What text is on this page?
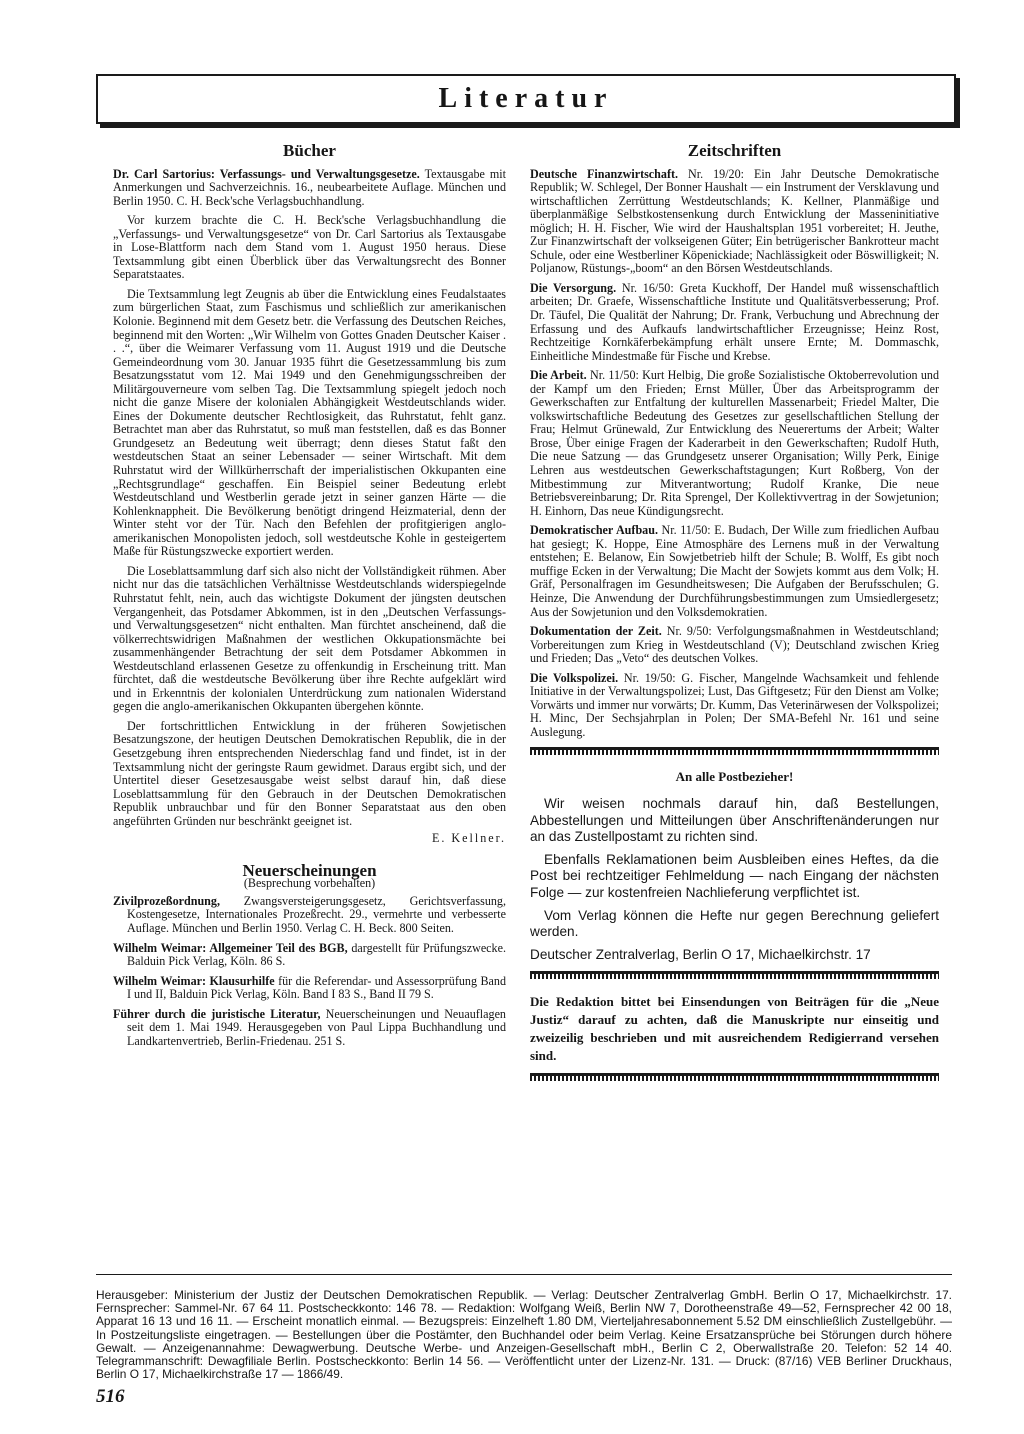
Literatur
Bücher

Dr. Carl Sartorius: Verfassungs- und Verwaltungsgesetze. Textausgabe mit Anmerkungen und Sachverzeichnis. 16., neubearbeitete Auflage. München und Berlin 1950. C. H. Beck'sche Verlagsbuchhandlung.

Vor kurzem brachte die C. H. Beck'sche Verlagsbuchhandlung die „Verfassungs- und Verwaltungsgesetze“ von Dr. Carl Sartorius als Textausgabe in Lose-Blattform nach dem Stand vom 1. August 1950 heraus. Diese Textsammlung gibt einen Überblick über das Verwaltungsrecht des Bonner Separatstaates.

Die Textsammlung legt Zeugnis ab über die Entwicklung eines Feudalstaates zum bürgerlichen Staat, zum Faschismus und schließlich zur amerikanischen Kolonie. Beginnend mit dem Gesetz betr. die Verfassung des Deutschen Reiches, beginnend mit den Worten: „Wir Wilhelm von Gottes Gnaden Deutscher Kaiser . . .“, über die Weimarer Verfassung vom 11. August 1919 und die Deutsche Gemeindeordnung vom 30. Januar 1935 führt die Gesetzessammlung bis zum Besatzungsstatut vom 12. Mai 1949 und den Genehmigungsschreiben der Militärgouverneure vom selben Tag. Die Textsammlung spiegelt jedoch noch nicht die ganze Misere der kolonialen Abhängigkeit Westdeutschlands wider. Eines der Dokumente deutscher Rechtlosigkeit, das Ruhrstatut, fehlt ganz. Betrachtet man aber das Ruhrstatut, so muß man feststellen, daß es das Bonner Grundgesetz an Bedeutung weit überragt; denn dieses Statut faßt den westdeutschen Staat an seiner Lebensader — seiner Wirtschaft. Mit dem Ruhrstatut wird der Willkürherrschaft der imperialistischen Okkupanten eine „Rechtsgrundlage“ geschaffen. Ein Beispiel seiner Bedeutung erlebt Westdeutschland und Westberlin gerade jetzt in seiner ganzen Härte — die Kohlenknappheit. Die Bevölkerung benötigt dringend Heizmaterial, denn der Winter steht vor der Tür. Nach den Befehlen der profitgierigen anglo-amerikanischen Monopolisten jedoch, soll westdeutsche Kohle in gesteigertem Maße für Rüstungszwecke exportiert werden.

Die Loseblattsammlung darf sich also nicht der Vollständigkeit rühmen. Aber nicht nur das die tatsächlichen Verhältnisse Westdeutschlands widerspiegelnde Ruhrstatut fehlt, nein, auch das wichtigste Dokument der jüngsten deutschen Vergangenheit, das Potsdamer Abkommen, ist in den „Deutschen Verfassungs- und Verwaltungsgesetzen“ nicht enthalten. Man fürchtet anscheinend, daß die völkerrechtswidrigen Maßnahmen der westlichen Okkupationsmächte bei zusammenhängender Betrachtung der seit dem Potsdamer Abkommen in Westdeutschland erlassenen Gesetze zu offenkundig in Erscheinung tritt. Man fürchtet, daß die westdeutsche Bevölkerung über ihre Rechte aufgeklärt wird und in Erkenntnis der kolonialen Unterdrückung zum nationalen Widerstand gegen die anglo-amerikanischen Okkupanten übergehen könnte.

Der fortschrittlichen Entwicklung in der früheren Sowjetischen Besatzungszone, der heutigen Deutschen Demokratischen Republik, die in der Gesetzgebung ihren entsprechenden Niederschlag fand und findet, ist in der Textsammlung nicht der geringste Raum gewidmet. Daraus ergibt sich, und der Untertitel dieser Gesetzesausgabe weist selbst darauf hin, daß diese Loseblattsammlung für den Gebrauch in der Deutschen Demokratischen Republik unbrauchbar und für den Bonner Separatstaat aus den oben angeführten Gründen nur beschränkt geeignet ist.

E. Kellner.
Neuerscheinungen
(Besprechung vorbehalten)

Zivilprozeßordnung, Zwangsversteigerungsgesetz, Gerichtsverfassung, Kostengesetze, Internationales Prozeßrecht. 29., vermehrte und verbesserte Auflage. München und Berlin 1950. Verlag C. H. Beck. 800 Seiten.

Wilhelm Weimar: Allgemeiner Teil des BGB, dargestellt für Prüfungszwecke. Balduin Pick Verlag, Köln. 86 S.

Wilhelm Weimar: Klausurhilfe für die Referendar- und Assessorprüfung Band I und II, Balduin Pick Verlag, Köln. Band I 83 S., Band II 79 S.

Führer durch die juristische Literatur, Neuerscheinungen und Neuauflagen seit dem 1. Mai 1949. Herausgegeben von Paul Lippa Buchhandlung und Landkartenvertrieb, Berlin-Friedenau. 251 S.

Zeitschriften

Deutsche Finanzwirtschaft. Nr. 19/20: Ein Jahr Deutsche Demokratische Republik; W. Schlegel, Der Bonner Haushalt — ein Instrument der Versklavung und wirtschaftlichen Zerrüttung Westdeutschlands; K. Kellner, Planmäßige und überplanmäßige Selbstkostensenkung durch Entwicklung der Masseninitiative möglich; H. H. Fischer, Wie wird der Haushaltsplan 1951 vorbereitet; H. Jeuthe, Zur Finanzwirtschaft der volkseigenen Güter; Ein betrügerischer Bankrotteur macht Schule, oder eine Westberliner Köpenickiade; Nachlässigkeit oder Böswilligkeit; N. Poljanow, Rüstungs-„boom“ an den Börsen Westdeutschlands.

Die Versorgung. Nr. 16/50: Greta Kuckhoff, Der Handel muß wissenschaftlich arbeiten; Dr. Graefe, Wissenschaftliche Institute und Qualitätsverbesserung; Prof. Dr. Täufel, Die Qualität der Nahrung; Dr. Frank, Verbuchung und Abrechnung der Erfassung und des Aufkaufs landwirtschaftlicher Erzeugnisse; Heinz Rost, Rechtzeitige Kornkäferbekämpfung erhält unsere Ernte; M. Dommaschk, Einheitliche Mindestmaße für Fische und Krebse.

Die Arbeit. Nr. 11/50: Kurt Helbig, Die große Sozialistische Oktoberrevolution und der Kampf um den Frieden; Ernst Müller, Über das Arbeitsprogramm der Gewerkschaften zur Entfaltung der kulturellen Massenarbeit; Friedel Malter, Die volkswirtschaftliche Bedeutung des Gesetzes zur gesellschaftlichen Stellung der Frau; Helmut Grünewald, Zur Entwicklung des Neuerertums der Arbeit; Walter Brose, Über einige Fragen der Kaderarbeit in den Gewerkschaften; Rudolf Huth, Die neue Satzung — das Grundgesetz unserer Organisation; Willy Perk, Einige Lehren aus westdeutschen Gewerkschaftstagungen; Kurt Roßberg, Von der Mitbestimmung zur Mitverantwortung; Rudolf Kranke, Die neue Betriebsvereinbarung; Dr. Rita Sprengel, Der Kollektivvertrag in der Sowjetunion; H. Einhorn, Das neue Kündigungsrecht.

Demokratischer Aufbau. Nr. 11/50: E. Budach, Der Wille zum friedlichen Aufbau hat gesiegt; K. Hoppe, Eine Atmosphäre des Lernens muß in der Verwaltung entstehen; E. Belanow, Ein Sowjetbetrieb hilft der Schule; B. Wolff, Es gibt noch muffige Ecken in der Verwaltung; Die Macht der Sowjets kommt aus dem Volk; H. Gräf, Personalfragen im Gesundheitswesen; Die Aufgaben der Berufsschulen; G. Heinze, Die Anwendung der Durchführungsbestimmungen zum Umsiedlergesetz; Aus der Sowjetunion und den Volksdemokratien.

Dokumentation der Zeit. Nr. 9/50: Verfolgungsmaßnahmen in Westdeutschland; Vorbereitungen zum Krieg in Westdeutschland (V); Deutschland zwischen Krieg und Frieden; Das „Veto“ des deutschen Volkes.

Die Volkspolizei. Nr. 19/50: G. Fischer, Mangelnde Wachsamkeit und fehlende Initiative in der Verwaltungspolizei; Lust, Das Giftgesetz; Für den Dienst am Volke; Vorwärts und immer nur vorwärts; Dr. Kumm, Das Veterinärwesen der Volkspolizei; H. Minc, Der Sechsjahrplan in Polen; Der SMA-Befehl Nr. 161 und seine Auslegung.

An alle Postbezieher!

Wir weisen nochmals darauf hin, daß Bestellungen, Abbestellungen und Mitteilungen über Anschriftenänderungen nur an das Zustellpostamt zu richten sind.

Ebenfalls Reklamationen beim Ausbleiben eines Heftes, da die Post bei rechtzeitiger Fehlmeldung — nach Eingang der nächsten Folge — zur kostenfreien Nachlieferung verpflichtet ist.

Vom Verlag können die Hefte nur gegen Berechnung geliefert werden.

Deutscher Zentralverlag, Berlin O 17, Michaelkirchstr. 17

Die Redaktion bittet bei Einsendungen von Beiträgen für die „Neue Justiz“ darauf zu achten, daß die Manuskripte nur einseitig und zweizeilig beschrieben und mit ausreichendem Redigierrand versehen sind.

Herausgeber: Ministerium der Justiz der Deutschen Demokratischen Republik. — Verlag: Deutscher Zentralverlag GmbH. Berlin O 17, Michaelkirchstr. 17. Fernsprecher: Sammel-Nr. 67 64 11. Postscheckkonto: 146 78. — Redaktion: Wolfgang Weiß, Berlin NW 7, Dorotheenstraße 49—52, Fernsprecher 42 00 18, Apparat 16 13 und 16 11. — Erscheint monatlich einmal. — Bezugspreis: Einzelheft 1.80 DM, Vierteljahresabonnement 5.52 DM einschließlich Zustellgebühr. — In Postzeitungsliste eingetragen. — Bestellungen über die Postämter, den Buchhandel oder beim Verlag. Keine Ersatzansprüche bei Störungen durch höhere Gewalt. — Anzeigenannahme: Dewagwerbung. Deutsche Werbe- und Anzeigen-Gesellschaft mbH., Berlin C 2, Oberwallstraße 20. Telefon: 52 14 40. Telegrammanschrift: Dewagfiliale Berlin. Postscheckkonto: Berlin 14 56. — Veröffentlicht unter der Lizenz-Nr. 131. — Druck: (87/16) VEB Berliner Druckhaus, Berlin O 17, Michaelkirchstraße 17 — 1866/49.
516
